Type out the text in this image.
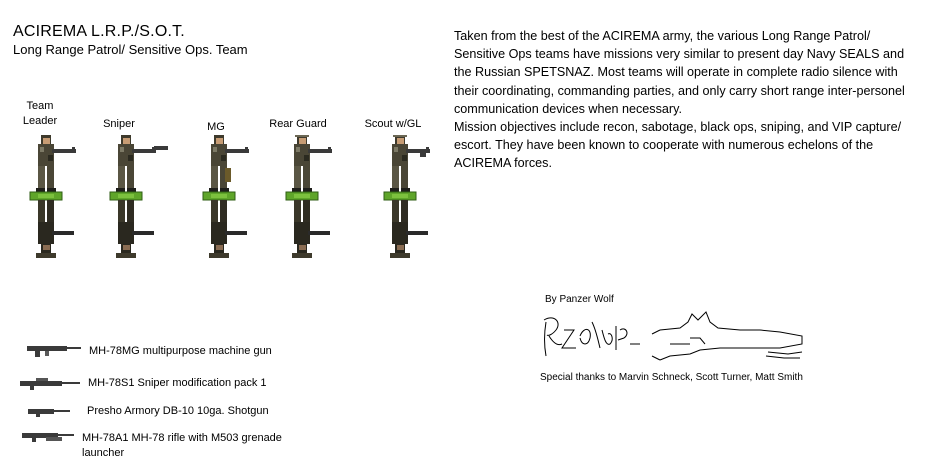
ACIREMA L.R.P./S.O.T.
Long Range Patrol/ Sensitive Ops. Team

Taken from the best of the ACIREMA army, the various Long Range Patrol/ Sensitive Ops teams have missions very similar to present day Navy SEALS and the Russian SPETSNAZ. Most teams will operate in complete radio silence with their coordinating, commanding parties, and only carry short range inter-personel communication devices when necessary.

Mission objectives include recon, sabotage, black ops, sniping, and VIP capture/ escort. They have been known to cooperate with numerous echelons of the ACIREMA forces.

Team Leader	Sniper	MG	Rear Guard	Scout w/GL
MH-78MG multipurpose machine gun
MH-78S1 Sniper modification pack 1
Presho Armory DB-10 10ga. Shotgun
MH-78A1 MH-78 rifle with M503 grenade launcher
By Panzer Wolf
Special thanks to Marvin Schneck, Scott Turner, Matt Smith
